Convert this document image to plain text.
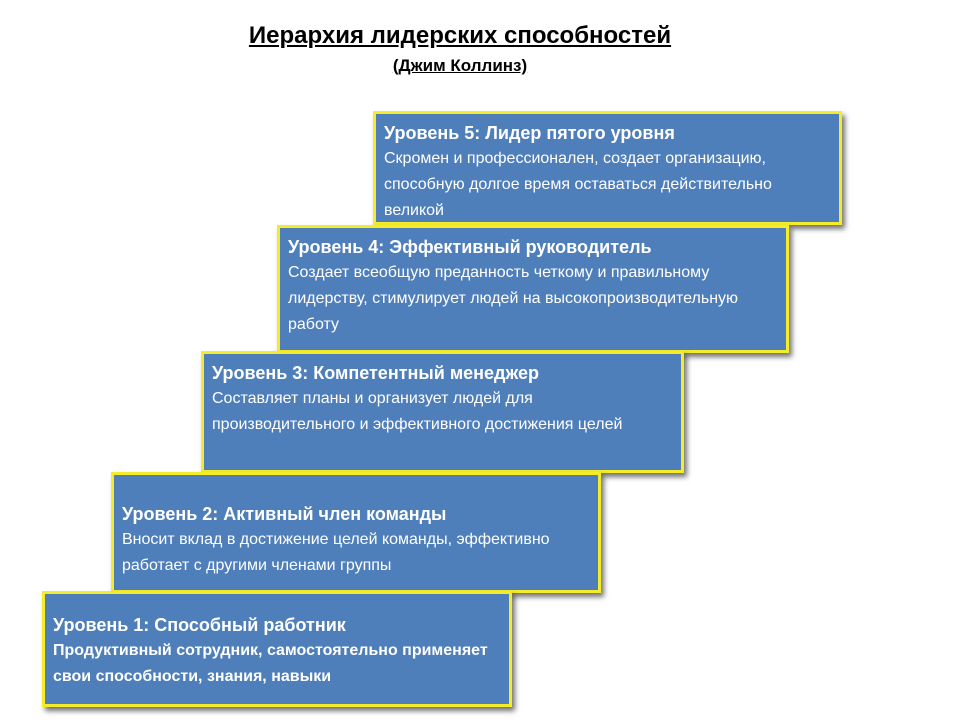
Иерархия лидерских способностей
(Джим Коллинз)
Уровень 5: Лидер пятого уровня
Скромен и профессионален, создает организацию, способную долгое время оставаться действительно великой
Уровень 4: Эффективный руководитель
Создает всеобщую преданность четкому и правильному лидерству, стимулирует людей на высокопроизводительную работу
Уровень 3: Компетентный менеджер
Составляет планы и организует людей для производительного и эффективного достижения целей
Уровень 2: Активный член команды
Вносит вклад в достижение целей команды, эффективно работает с другими членами группы
Уровень 1: Способный работник
Продуктивный сотрудник, самостоятельно применяет свои способности, знания, навыки
